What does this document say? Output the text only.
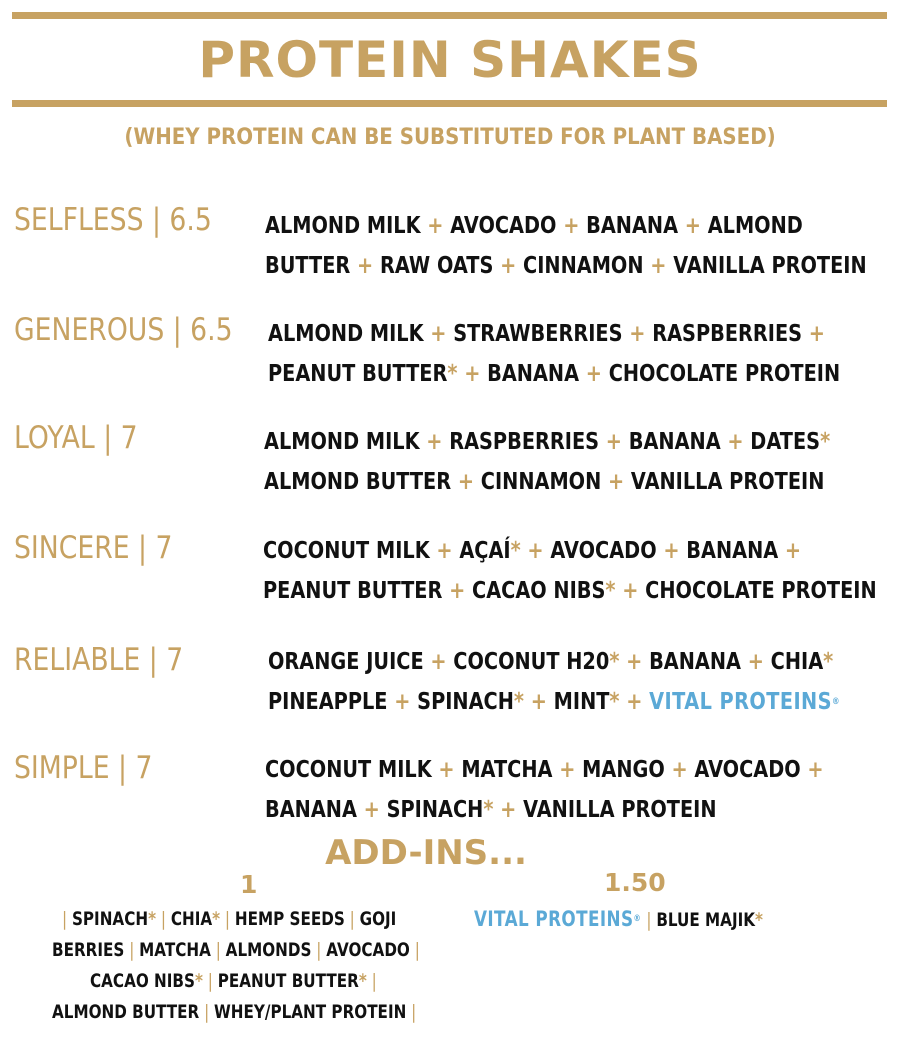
PROTEIN SHAKES
(WHEY PROTEIN CAN BE SUBSTITUTED FOR PLANT BASED)
SELFLESS | 6.5 ALMOND MILK + AVOCADO + BANANA + ALMOND
BUTTER + RAW OATS + CINNAMON + VANILLA PROTEIN
GENEROUS | 6.5 ALMOND MILK + STRAWBERRIES + RASPBERRIES +
PEANUT BUTTER* + BANANA + CHOCOLATE PROTEIN
LOYAL | 7	ALMOND MILK + RASPBERRIES + BANANA + DATES*
ALMOND BUTTER + CINNAMON + VANILLA PROTEIN
SINCERE | 7	COCONUT MILK + AÇAÍ* + AVOCADO + BANANA +
PEANUT BUTTER + CACAO NIBS* + CHOCOLATE PROTEIN
RELIABLE | 7	ORANGE JUICE + COCONUT H20* + BANANA + CHIA*
PINEAPPLE + SPINACH* + MINT* + VITAL PROTEINS®
SIMPLE | 7	COCONUT MILK + MATCHA + MANGO + AVOCADO +
BANANA + SPINACH* + VANILLA PROTEIN
ADD-INS...
1	1.50
| SPINACH* | CHIA* | HEMP SEEDS | GOJI
BERRIES | MATCHA | ALMONDS | AVOCADO |
CACAO NIBS* | PEANUT BUTTER* |
ALMOND BUTTER | WHEY/PLANT PROTEIN |
VITAL PROTEINS® | BLUE MAJIK*
